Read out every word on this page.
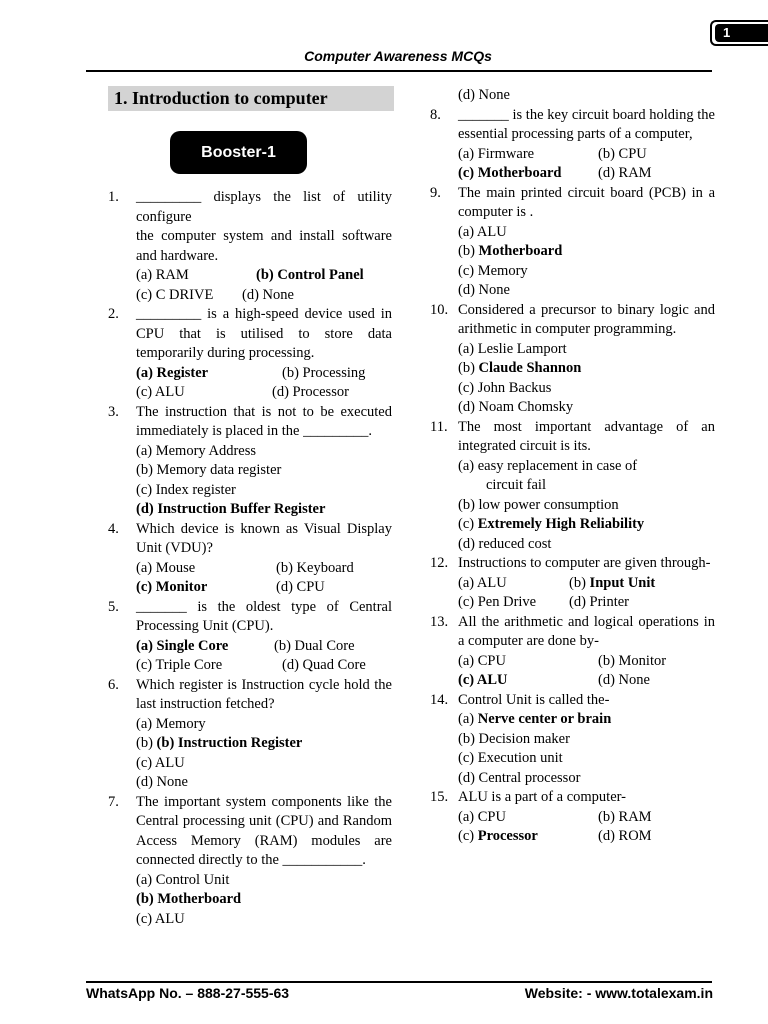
1
Computer Awareness MCQs
1. Introduction to computer
Booster-1
1.	_________ displays the list of utility configure
the computer system and install software and hardware.
(a) RAM	(b) Control Panel
(c) C DRIVE	(d) None
2.	_________ is a high-speed device used in CPU that is utilised to store data temporarily during processing.
(a) Register	(b) Processing
(c) ALU	(d) Processor
3.	The instruction that is not to be executed immediately is placed in the _________.
(a) Memory Address
(b) Memory data register
(c) Index register
(d) Instruction Buffer Register
4.	Which device is known as Visual Display Unit (VDU)?
(a) Mouse	(b) Keyboard
(c) Monitor	(d) CPU
5.	_______ is the oldest type of Central Processing Unit (CPU).
(a) Single Core	(b) Dual Core
(c) Triple Core	(d) Quad Core
6.	Which register is Instruction cycle hold the last instruction fetched?
(a) Memory
(b) (b) Instruction Register
(c) ALU
(d) None
7.	The important system components like the Central processing unit (CPU) and Random Access Memory (RAM) modules are connected directly to the ___________.
(a) Control Unit
(b) Motherboard
(c) ALU
(d) None
8.	_______ is the key circuit board holding the essential processing parts of a computer,
(a) Firmware	(b) CPU
(c) Motherboard	(d) RAM
9.	The main printed circuit board (PCB) in a computer is .
(a) ALU
(b) Motherboard
(c) Memory
(d) None
10. Considered a precursor to binary logic and arithmetic in computer programming.
(a) Leslie Lamport
(b) Claude Shannon
(c) John Backus
(d) Noam Chomsky
11. The most important advantage of an integrated circuit is its.
(a) easy replacement in case of
circuit fail
(b) low power consumption
(c) Extremely High Reliability
(d) reduced cost
12. Instructions to computer are given through-
(a) ALU	(b) Input Unit
(c) Pen Drive	(d) Printer
13. All the arithmetic and logical operations in a computer are done by-
(a) CPU	(b) Monitor
(c) ALU	(d) None
14. Control Unit is called the-
(a) Nerve center or brain
(b) Decision maker
(c) Execution unit
(d) Central processor
15. ALU is a part of a computer-
(a) CPU	(b) RAM
(c) Processor	(d) ROM
WhatsApp No. – 888-27-555-63	Website: - www.totalexam.in
